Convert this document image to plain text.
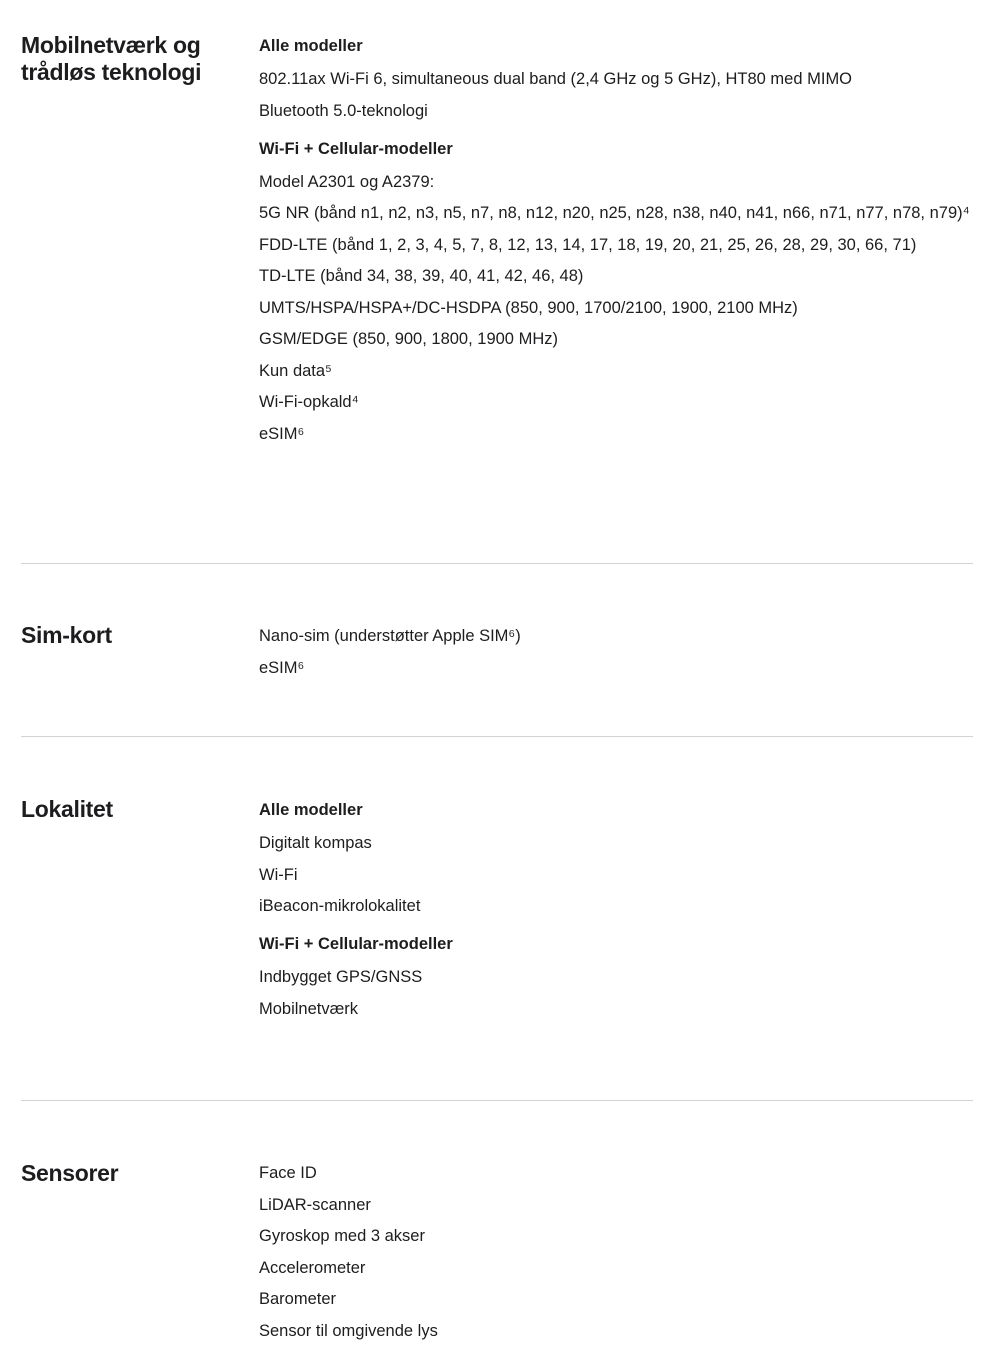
Mobilnetværk og trådløs teknologi

Alle modeller

802.11ax Wi-Fi 6, simultaneous dual band (2,4 GHz og 5 GHz), HT80 med MIMO

Bluetooth 5.0-teknologi

Wi-Fi + Cellular-modeller

Model A2301 og A2379:

5G NR (bånd n1, n2, n3, n5, n7, n8, n12, n20, n25, n28, n38, n40, n41, n66, n71, n77, n78, n79)⁴

FDD-LTE (bånd 1, 2, 3, 4, 5, 7, 8, 12, 13, 14, 17, 18, 19, 20, 21, 25, 26, 28, 29, 30, 66, 71)

TD-LTE (bånd 34, 38, 39, 40, 41, 42, 46, 48)

UMTS/HSPA/HSPA+/DC-HSDPA (850, 900, 1700/2100, 1900, 2100 MHz)

GSM/EDGE (850, 900, 1800, 1900 MHz)

Kun data⁵

Wi-Fi-opkald⁴

eSIM⁶

Sim-kort	Nano-sim (understøtter Apple SIM⁶)

eSIM⁶

Lokalitet	Alle modeller

Digitalt kompas

Wi-Fi

iBeacon-mikrolokalitet

Wi-Fi + Cellular-modeller

Indbygget GPS/GNSS

Mobilnetværk

Sensorer	Face ID

LiDAR-scanner

Gyroskop med 3 akser

Accelerometer

Barometer

Sensor til omgivende lys
